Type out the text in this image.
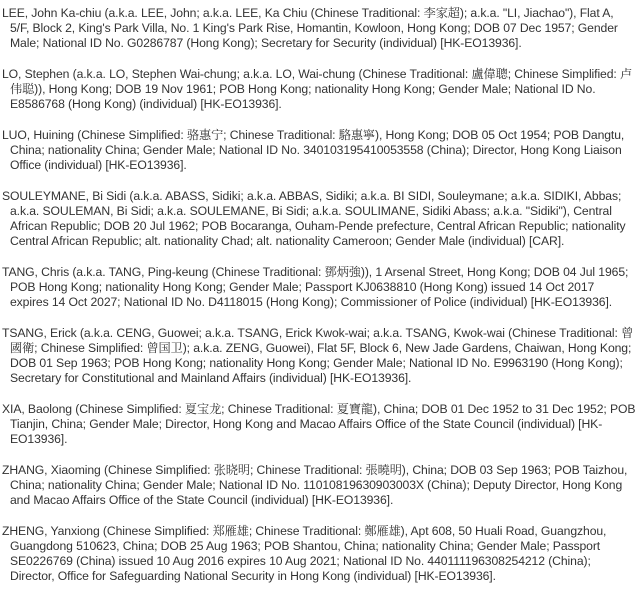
LEE, John Ka-chiu (a.k.a. LEE, John; a.k.a. LEE, Ka Chiu (Chinese Traditional: 李家超); a.k.a. "LI, Jiachao"), Flat A, 5/F, Block 2, King's Park Villa, No. 1 King's Park Rise, Homantin, Kowloon, Hong Kong; DOB 07 Dec 1957; Gender Male; National ID No. G0286787 (Hong Kong); Secretary for Security (individual) [HK-EO13936].

LO, Stephen (a.k.a. LO, Stephen Wai-chung; a.k.a. LO, Wai-chung (Chinese Traditional: 盧偉聰; Chinese Simplified: 卢伟聪)), Hong Kong; DOB 19 Nov 1961; POB Hong Kong; nationality Hong Kong; Gender Male; National ID No. E8586768 (Hong Kong) (individual) [HK-EO13936].

LUO, Huining (Chinese Simplified: 骆惠宁; Chinese Traditional: 駱惠寧), Hong Kong; DOB 05 Oct 1954; POB Dangtu, China; nationality China; Gender Male; National ID No. 340103195410053558 (China); Director, Hong Kong Liaison Office (individual) [HK-EO13936].

SOULEYMANE, Bi Sidi (a.k.a. ABASS, Sidiki; a.k.a. ABBAS, Sidiki; a.k.a. BI SIDI, Souleymane; a.k.a. SIDIKI, Abbas; a.k.a. SOULEMAN, Bi Sidi; a.k.a. SOULEMANE, Bi Sidi; a.k.a. SOULIMANE, Sidiki Abass; a.k.a. "Sidiki"), Central African Republic; DOB 20 Jul 1962; POB Bocaranga, Ouham-Pende prefecture, Central African Republic; nationality Central African Republic; alt. nationality Chad; alt. nationality Cameroon; Gender Male (individual) [CAR].

TANG, Chris (a.k.a. TANG, Ping-keung (Chinese Traditional: 鄧炳強)), 1 Arsenal Street, Hong Kong; DOB 04 Jul 1965; POB Hong Kong; nationality Hong Kong; Gender Male; Passport KJ0638810 (Hong Kong) issued 14 Oct 2017 expires 14 Oct 2027; National ID No. D4118015 (Hong Kong); Commissioner of Police (individual) [HK-EO13936].

TSANG, Erick (a.k.a. CENG, Guowei; a.k.a. TSANG, Erick Kwok-wai; a.k.a. TSANG, Kwok-wai (Chinese Traditional: 曾國衛; Chinese Simplified: 曾国卫); a.k.a. ZENG, Guowei), Flat 5F, Block 6, New Jade Gardens, Chaiwan, Hong Kong; DOB 01 Sep 1963; POB Hong Kong; nationality Hong Kong; Gender Male; National ID No. E9963190 (Hong Kong); Secretary for Constitutional and Mainland Affairs (individual) [HK-EO13936].

XIA, Baolong (Chinese Simplified: 夏宝龙; Chinese Traditional: 夏寶龍), China; DOB 01 Dec 1952 to 31 Dec 1952; POB Tianjin, China; Gender Male; Director, Hong Kong and Macao Affairs Office of the State Council (individual) [HK-EO13936].

ZHANG, Xiaoming (Chinese Simplified: 张晓明; Chinese Traditional: 張曉明), China; DOB 03 Sep 1963; POB Taizhou, China; nationality China; Gender Male; National ID No. 11010819630903003X (China); Deputy Director, Hong Kong and Macao Affairs Office of the State Council (individual) [HK-EO13936].

ZHENG, Yanxiong (Chinese Simplified: 郑雁雄; Chinese Traditional: 鄭雁雄), Apt 608, 50 Huali Road, Guangzhou, Guangdong 510623, China; DOB 25 Aug 1963; POB Shantou, China; nationality China; Gender Male; Passport SE0226769 (China) issued 10 Aug 2016 expires 10 Aug 2021; National ID No. 440111196308254212 (China); Director, Office for Safeguarding National Security in Hong Kong (individual) [HK-EO13936].
